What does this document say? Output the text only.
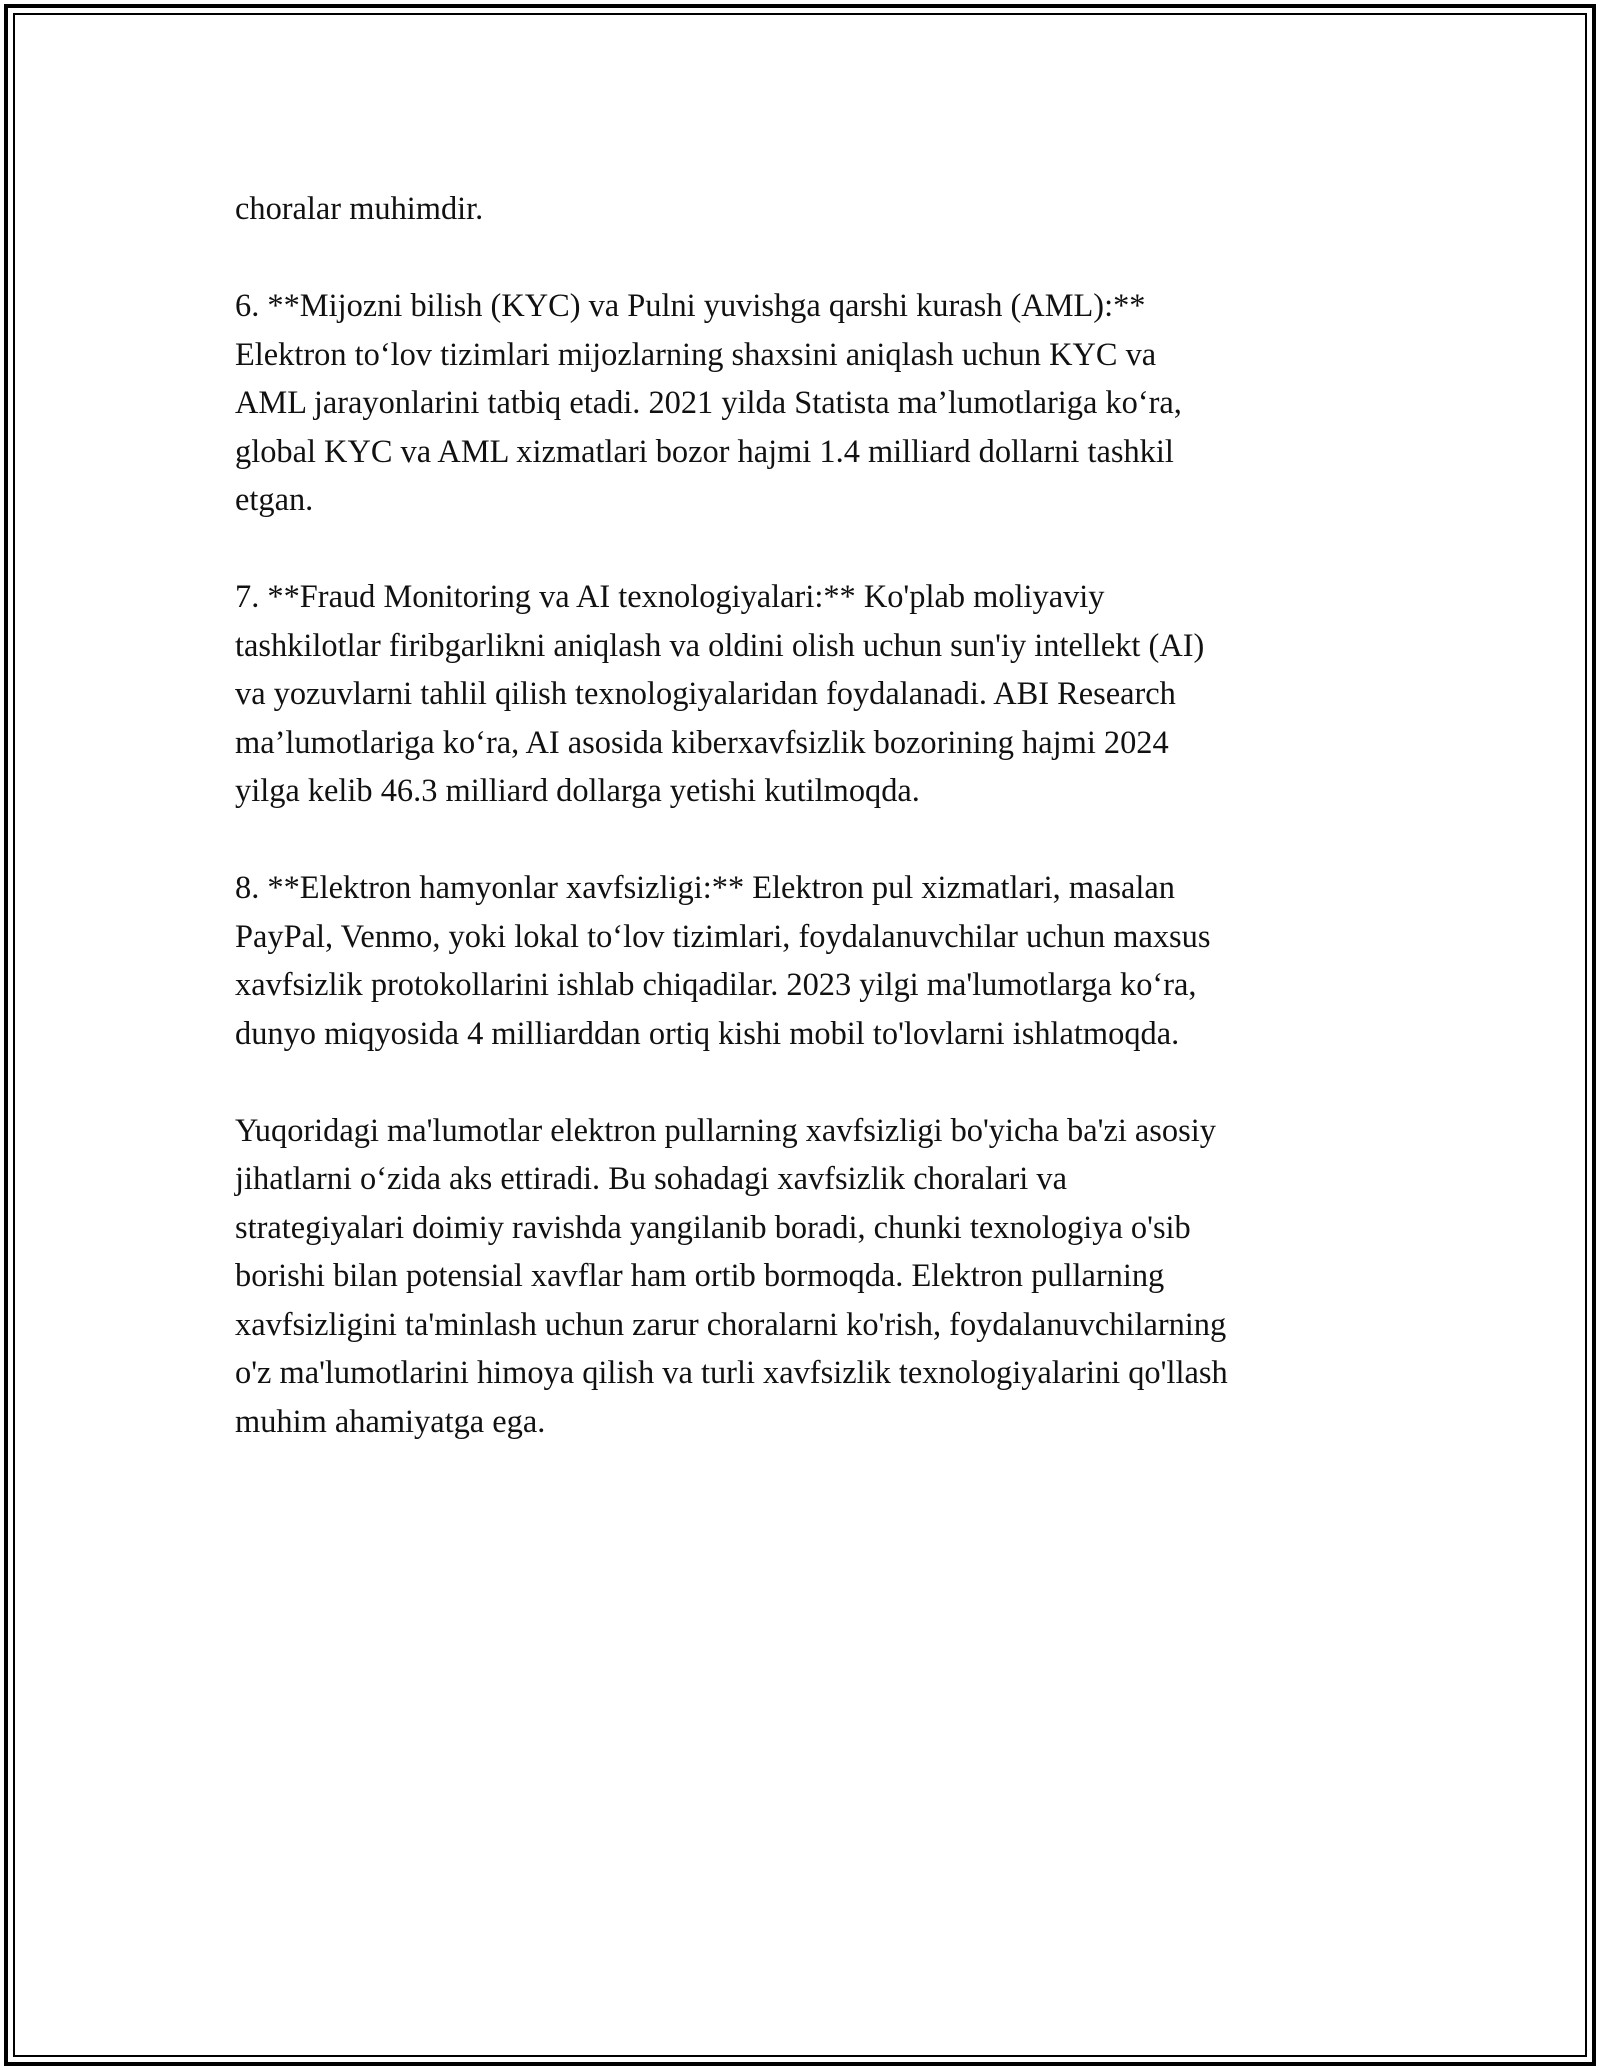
choralar muhimdir.

6. **Mijozni bilish (KYC) va Pulni yuvishga qarshi kurash (AML):**
Elektron to‘lov tizimlari mijozlarning shaxsini aniqlash uchun KYC va
AML jarayonlarini tatbiq etadi. 2021 yilda Statista ma’lumotlariga ko‘ra,
global KYC va AML xizmatlari bozor hajmi 1.4 milliard dollarni tashkil
etgan.

7. **Fraud Monitoring va AI texnologiyalari:** Ko'plab moliyaviy
tashkilotlar firibgarlikni aniqlash va oldini olish uchun sun'iy intellekt (AI)
va yozuvlarni tahlil qilish texnologiyalaridan foydalanadi. ABI Research
ma’lumotlariga ko‘ra, AI asosida kiberxavfsizlik bozorining hajmi 2024
yilga kelib 46.3 milliard dollarga yetishi kutilmoqda.

8. **Elektron hamyonlar xavfsizligi:** Elektron pul xizmatlari, masalan
PayPal, Venmo, yoki lokal to‘lov tizimlari, foydalanuvchilar uchun maxsus
xavfsizlik protokollarini ishlab chiqadilar. 2023 yilgi ma'lumotlarga ko‘ra,
dunyo miqyosida 4 milliarddan ortiq kishi mobil to'lovlarni ishlatmoqda.

Yuqoridagi ma'lumotlar elektron pullarning xavfsizligi bo'yicha ba'zi asosiy
jihatlarni o‘zida aks ettiradi. Bu sohadagi xavfsizlik choralari va
strategiyalari doimiy ravishda yangilanib boradi, chunki texnologiya o'sib
borishi bilan potensial xavflar ham ortib bormoqda. Elektron pullarning
xavfsizligini ta'minlash uchun zarur choralarni ko'rish, foydalanuvchilarning
o'z ma'lumotlarini himoya qilish va turli xavfsizlik texnologiyalarini qo'llash
muhim ahamiyatga ega.
